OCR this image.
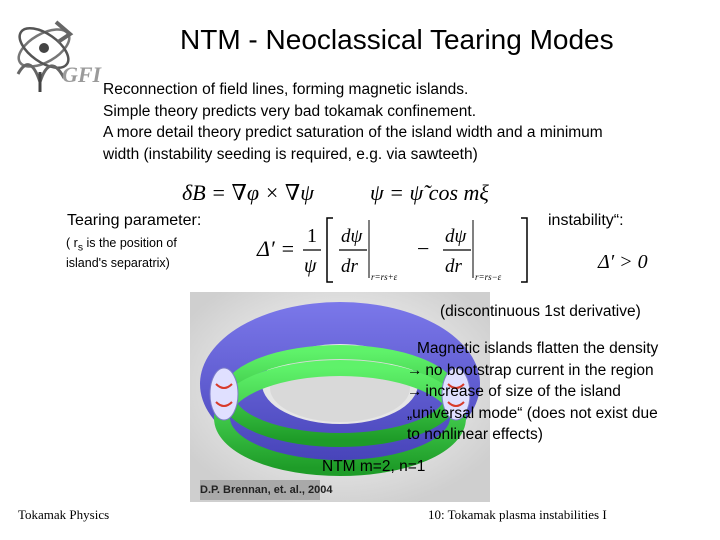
GFI
NTM - Neoclassical Tearing Modes
Reconnection of field lines, forming magnetic islands.
Simple theory predicts very bad tokamak confinement.
A more detail theory predict saturation of the island width and a minimum
width (instability seeding is required, e.g. via sawteeth)
δB = ∇φ × ∇ψ	ψ = ψ̃ cos mξ
Tearing parameter:
( $r_s$ is the position of
island's separatrix)
Δ′ = 1
ψ
dψ
dr r=rs+ε
− dψ
dr r=rs−ε
instability“:
Δ′ > 0
(discontinuous 1st derivative)
Magnetic islands flatten the density
→ no bootstrap current in the region
→ increase of size of the island
„universal mode“ (does not exist due
to nonlinear effects)
NTM m=2, n=1
D.P. Brennan, et. al., 2004
Tokamak Physics	10: Tokamak plasma instabilities I
